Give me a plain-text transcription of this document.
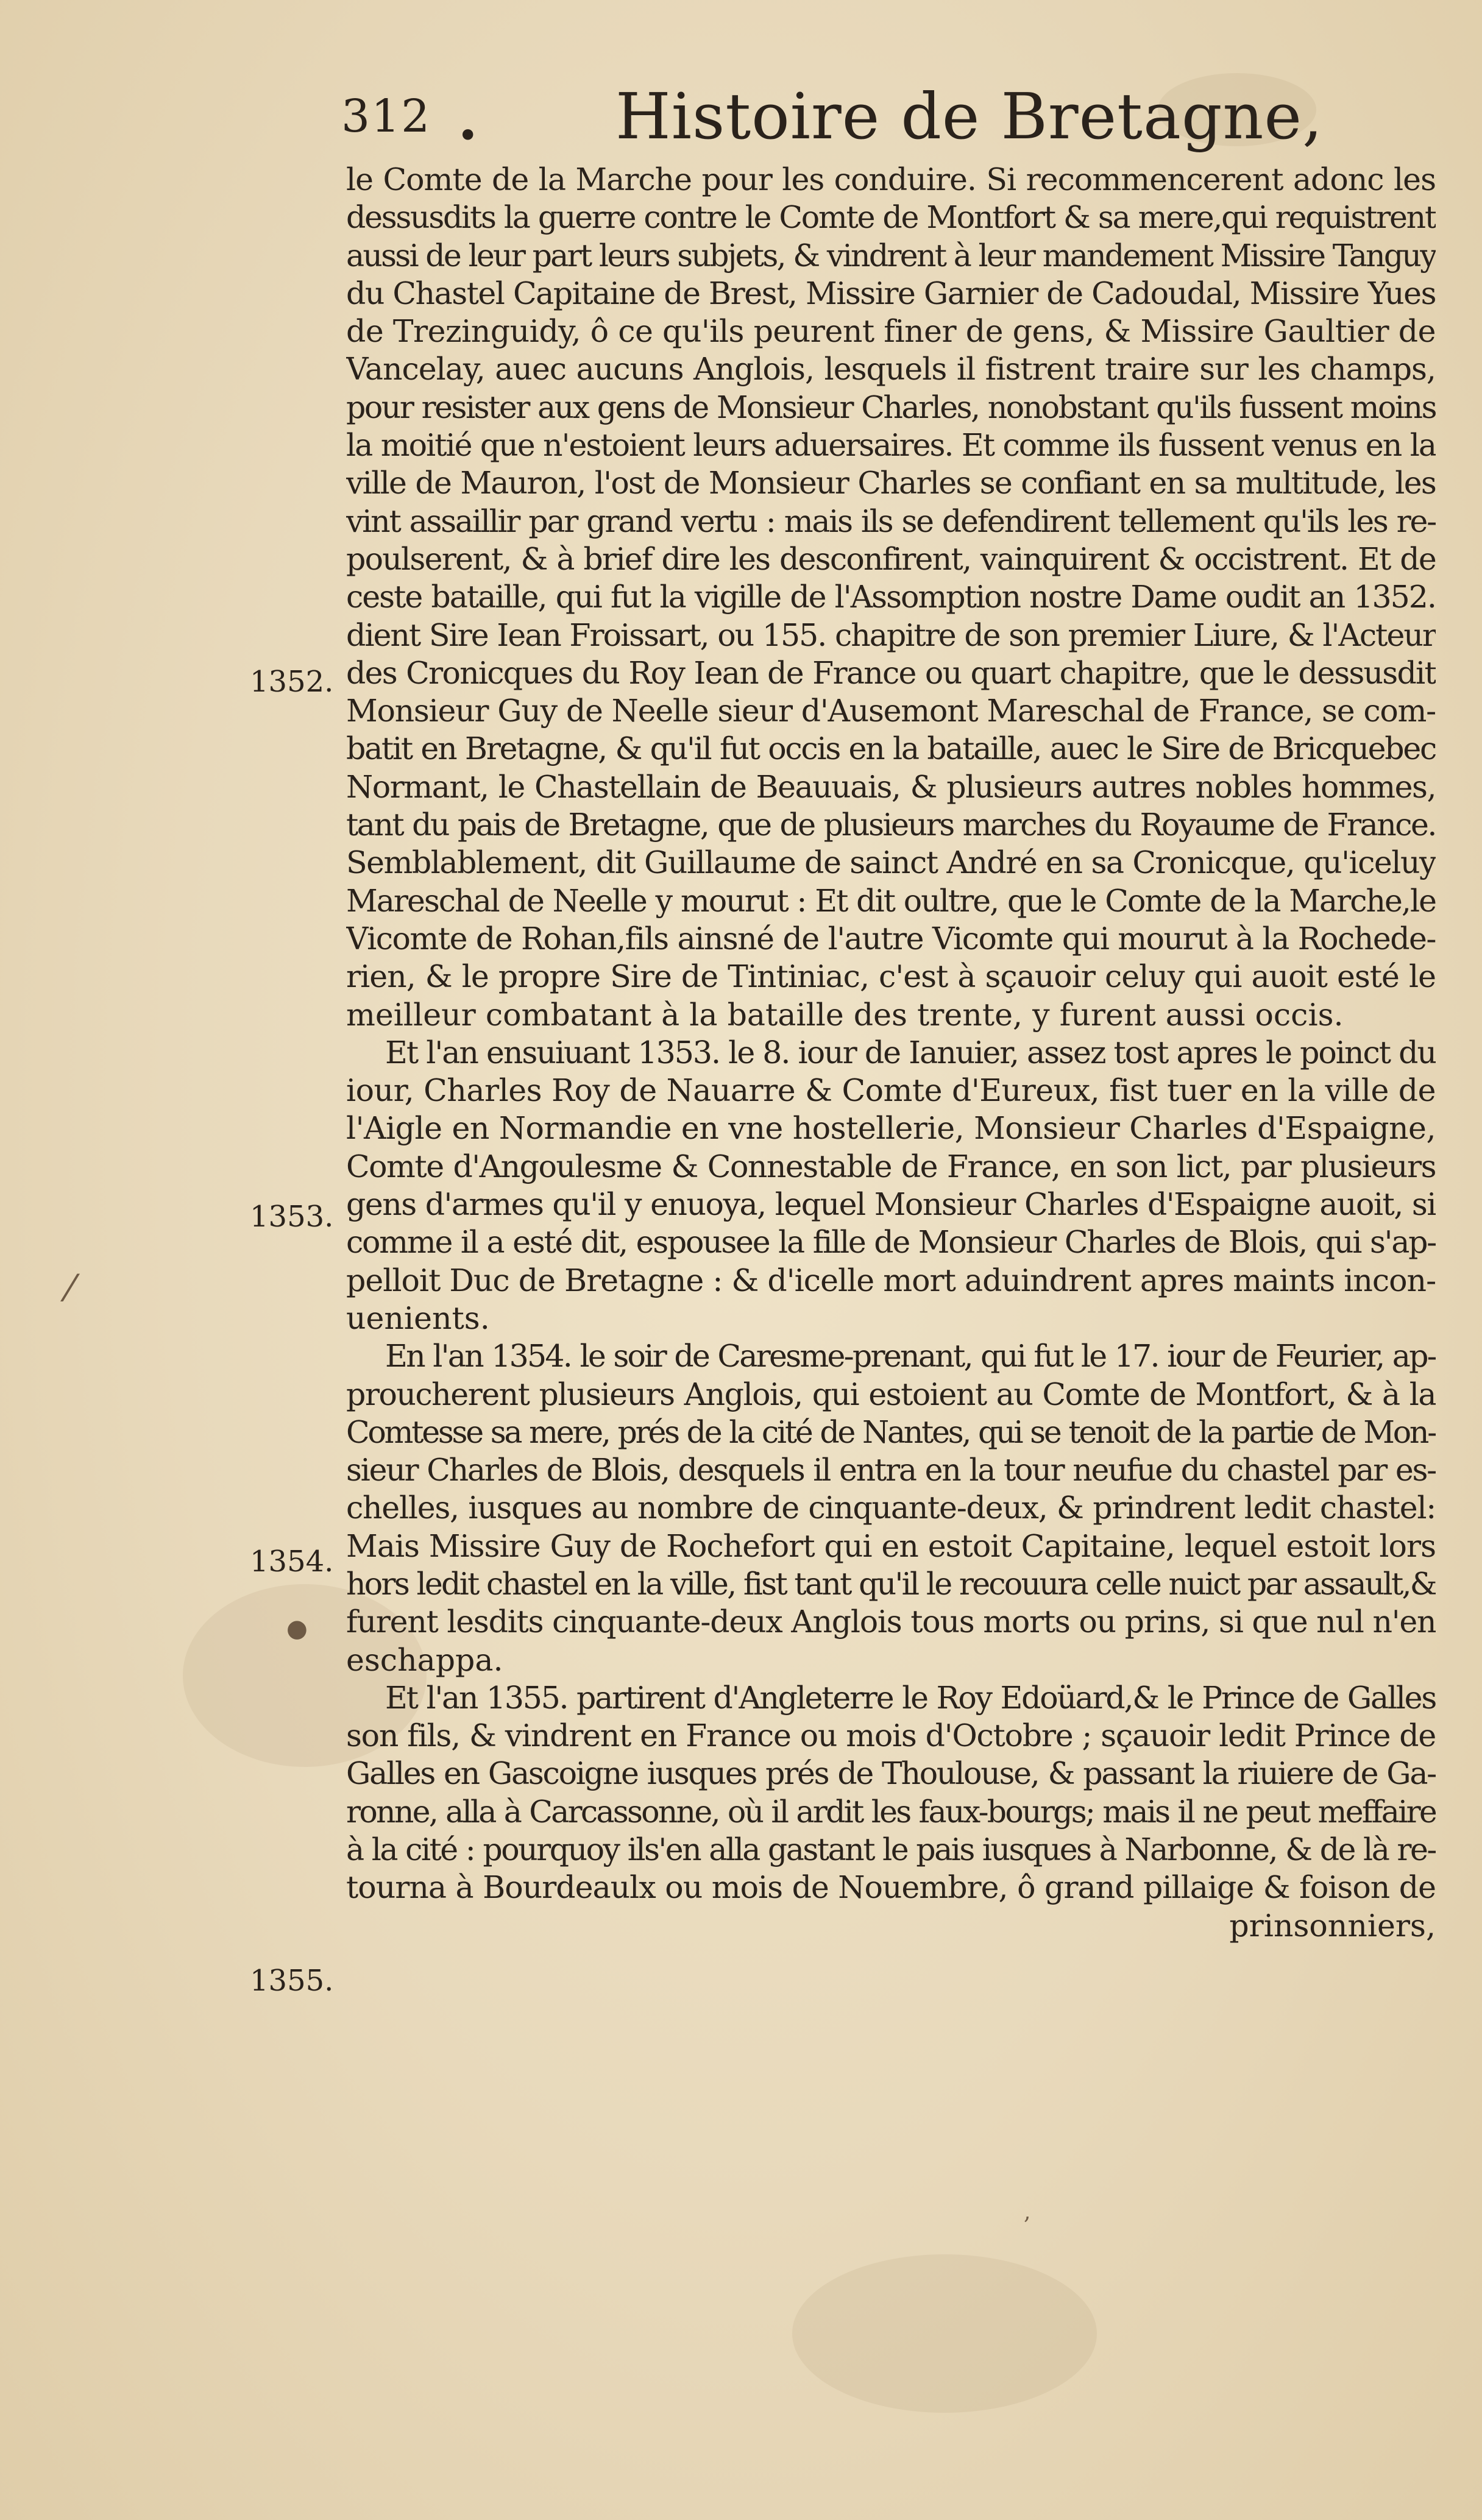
312 • Histoire de Bretagne,
1352.
1353.
1354.
1355.
●
⁄
,
le Comte de la Marche pour les conduire. Si recommencerent adonc les
dessusdits la guerre contre le Comte de Montfort & sa mere,qui requistrent
aussi de leur part leurs subjets, & vindrent à leur mandement Missire Tanguy
du Chastel Capitaine de Brest, Missire Garnier de Cadoudal, Missire Yues
de Trezinguidy, ô ce qu'ils peurent finer de gens, & Missire Gaultier de
Vancelay, auec aucuns Anglois, lesquels il fistrent traire sur les champs,
pour resister aux gens de Monsieur Charles, nonobstant qu'ils fussent moins
la moitié que n'estoient leurs aduersaires. Et comme ils fussent venus en la
ville de Mauron, l'ost de Monsieur Charles se confiant en sa multitude, les
vint assaillir par grand vertu : mais ils se defendirent tellement qu'ils les re-
poulserent, & à brief dire les desconfirent, vainquirent & occistrent. Et de
ceste bataille, qui fut la vigille de l'Assomption nostre Dame oudit an 1352.
dient Sire Iean Froissart, ou 155. chapitre de son premier Liure, & l'Acteur
des Cronicques du Roy Iean de France ou quart chapitre, que le dessusdit
Monsieur Guy de Neelle sieur d'Ausemont Mareschal de France, se com-
batit en Bretagne, & qu'il fut occis en la bataille, auec le Sire de Bricquebec
Normant, le Chastellain de Beauuais, & plusieurs autres nobles hommes,
tant du pais de Bretagne, que de plusieurs marches du Royaume de France.
Semblablement, dit Guillaume de sainct André en sa Cronicque, qu'iceluy
Mareschal de Neelle y mourut : Et dit oultre, que le Comte de la Marche,le
Vicomte de Rohan,fils ainsné de l'autre Vicomte qui mourut à la Rochede-
rien, & le propre Sire de Tintiniac, c'est à sçauoir celuy qui auoit esté le
meilleur combatant à la bataille des trente, y furent aussi occis.
Et l'an ensuiuant 1353. le 8. iour de Ianuier, assez tost apres le poinct du
iour, Charles Roy de Nauarre & Comte d'Eureux, fist tuer en la ville de
l'Aigle en Normandie en vne hostellerie, Monsieur Charles d'Espaigne,
Comte d'Angoulesme & Connestable de France, en son lict, par plusieurs
gens d'armes qu'il y enuoya, lequel Monsieur Charles d'Espaigne auoit, si
comme il a esté dit, espousee la fille de Monsieur Charles de Blois, qui s'ap-
pelloit Duc de Bretagne : & d'icelle mort aduindrent apres maints incon-
uenients.
En l'an 1354. le soir de Caresme-prenant, qui fut le 17. iour de Feurier, ap-
proucherent plusieurs Anglois, qui estoient au Comte de Montfort, & à la
Comtesse sa mere, prés de la cité de Nantes, qui se tenoit de la partie de Mon-
sieur Charles de Blois, desquels il entra en la tour neufue du chastel par es-
chelles, iusques au nombre de cinquante-deux, & prindrent ledit chastel:
Mais Missire Guy de Rochefort qui en estoit Capitaine, lequel estoit lors
hors ledit chastel en la ville, fist tant qu'il le recouura celle nuict par assault,&
furent lesdits cinquante-deux Anglois tous morts ou prins, si que nul n'en
eschappa.
Et l'an 1355. partirent d'Angleterre le Roy Edoüard,& le Prince de Galles
son fils, & vindrent en France ou mois d'Octobre ; sçauoir ledit Prince de
Galles en Gascoigne iusques prés de Thoulouse, & passant la riuiere de Ga-
ronne, alla à Carcassonne, où il ardit les faux-bourgs; mais il ne peut meffaire
à la cité : pourquoy ils'en alla gastant le pais iusques à Narbonne, & de là re-
tourna à Bourdeaulx ou mois de Nouembre, ô grand pillaige & foison de
prinsonniers,
